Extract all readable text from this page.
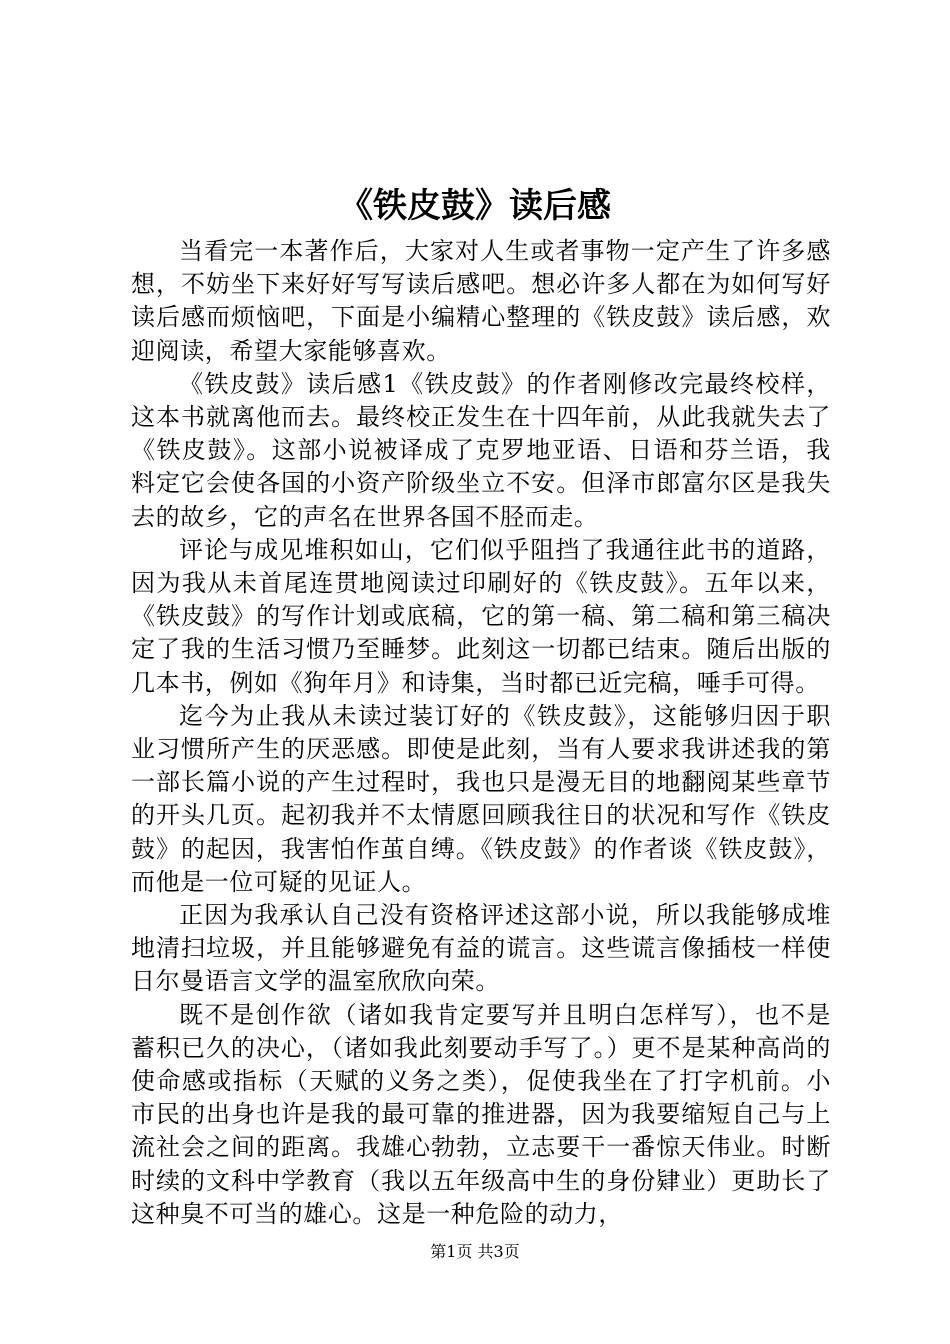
《铁皮鼓》读后感

当看完一本著作后，大家对人生或者事物一定产生了许多感想，不妨坐下来好好写写读后感吧。想必许多人都在为如何写好读后感而烦恼吧，下面是小编精心整理的《铁皮鼓》读后感，欢迎阅读，希望大家能够喜欢。

《铁皮鼓》读后感1《铁皮鼓》的作者刚修改完最终校样，这本书就离他而去。最终校正发生在十四年前，从此我就失去了《铁皮鼓》。这部小说被译成了克罗地亚语、日语和芬兰语，我料定它会使各国的小资产阶级坐立不安。但泽市郎富尔区是我失去的故乡，它的声名在世界各国不胫而走。

评论与成见堆积如山，它们似乎阻挡了我通往此书的道路，因为我从未首尾连贯地阅读过印刷好的《铁皮鼓》。五年以来，《铁皮鼓》的写作计划或底稿，它的第一稿、第二稿和第三稿决定了我的生活习惯乃至睡梦。此刻这一切都已结束。随后出版的几本书，例如《狗年月》和诗集，当时都已近完稿，唾手可得。

迄今为止我从未读过装订好的《铁皮鼓》，这能够归因于职业习惯所产生的厌恶感。即使是此刻，当有人要求我讲述我的第一部长篇小说的产生过程时，我也只是漫无目的地翻阅某些章节的开头几页。起初我并不太情愿回顾我往日的状况和写作《铁皮鼓》的起因，我害怕作茧自缚。《铁皮鼓》的作者谈《铁皮鼓》，而他是一位可疑的见证人。

正因为我承认自己没有资格评述这部小说，所以我能够成堆地清扫垃圾，并且能够避免有益的谎言。这些谎言像插枝一样使日尔曼语言文学的温室欣欣向荣。

既不是创作欲（诸如我肯定要写并且明白怎样写），也不是蓄积已久的决心，（诸如我此刻要动手写了。）更不是某种高尚的使命感或指标（天赋的义务之类），促使我坐在了打字机前。小市民的出身也许是我的最可靠的推进器，因为我要缩短自己与上流社会之间的距离。我雄心勃勃，立志要干一番惊天伟业。时断时续的文科中学教育（我以五年级高中生的身份肄业）更助长了这种臭不可当的雄心。这是一种危险的动力，

第1页 共3页
